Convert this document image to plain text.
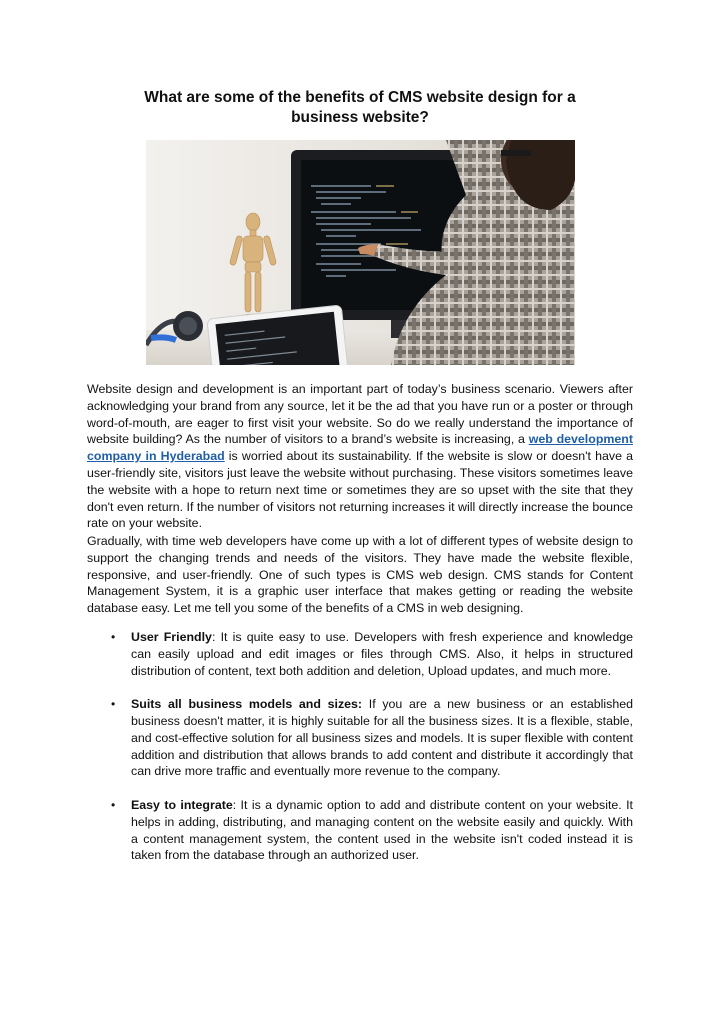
What are some of the benefits of CMS website design for a
business website?

Website design and development is an important part of today’s business scenario. Viewers after acknowledging your brand from any source, let it be the ad that you have run or a poster or through word-of-mouth, are eager to first visit your website. So do we really understand the importance of website building? As the number of visitors to a brand’s website is increasing, a web development company in Hyderabad is worried about its sustainability. If the website is slow or doesn't have a user-friendly site, visitors just leave the website without purchasing. These visitors sometimes leave the website with a hope to return next time or sometimes they are so upset with the site that they don't even return. If the number of visitors not returning increases it will directly increase the bounce rate on your website.

Gradually, with time web developers have come up with a lot of different types of website design to support the changing trends and needs of the visitors. They have made the website flexible, responsive, and user-friendly. One of such types is CMS web design. CMS stands for Content Management System, it is a graphic user interface that makes getting or reading the website database easy. Let me tell you some of the benefits of a CMS in web designing.

• User Friendly: It is quite easy to use. Developers with fresh experience and knowledge can easily upload and edit images or files through CMS. Also, it helps in structured distribution of content, text both addition and deletion, Upload updates, and much more.
• Suits all business models and sizes: If you are a new business or an established business doesn't matter, it is highly suitable for all the business sizes. It is a flexible, stable, and cost-effective solution for all business sizes and models. It is super flexible with content addition and distribution that allows brands to add content and distribute it accordingly that can drive more traffic and eventually more revenue to the company.
• Easy to integrate: It is a dynamic option to add and distribute content on your website. It helps in adding, distributing, and managing content on the website easily and quickly. With a content management system, the content used in the website isn't coded instead it is taken from the database through an authorized user.
